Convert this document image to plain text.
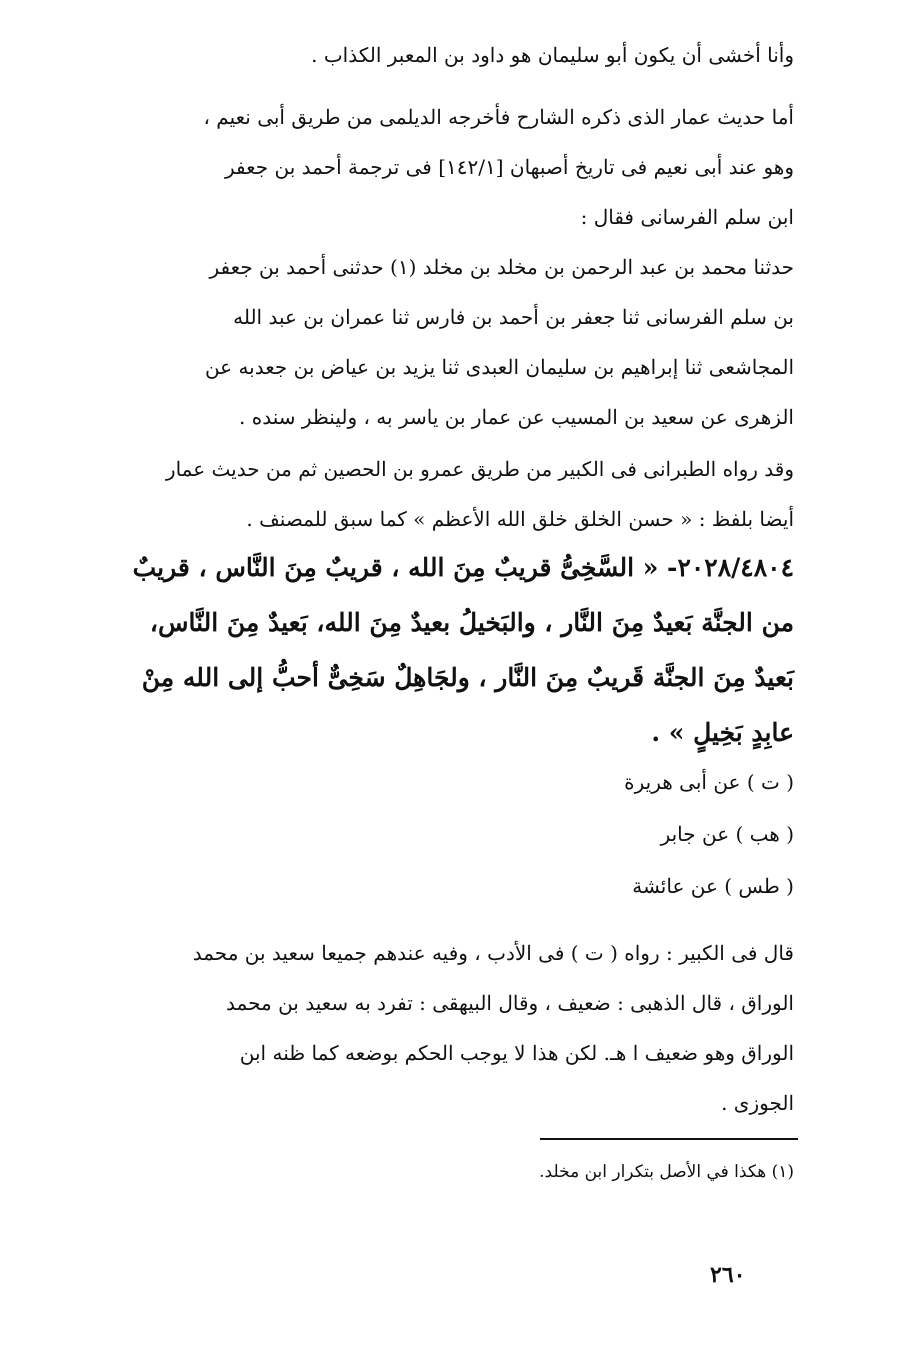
وأنا أخشى أن يكون أبو سليمان هو داود بن المعبر الكذاب .
أما حديث عمار الذى ذكره الشارح فأخرجه الديلمى من طريق أبى نعيم ،
وهو عند أبى نعيم فى تاريخ أصبهان [١٤٢/١] فى ترجمة أحمد بن جعفر
ابن سلم الفرسانى فقال :
حدثنا محمد بن عبد الرحمن بن مخلد بن مخلد (١) حدثنى أحمد بن جعفر
بن سلم الفرسانى ثنا جعفر بن أحمد بن فارس ثنا عمران بن عبد الله
المجاشعى ثنا إبراهيم بن سليمان العبدى ثنا يزيد بن عياض بن جعدبه عن
الزهرى عن سعيد بن المسيب عن عمار بن ياسر به ، ولينظر سنده .
وقد رواه الطبرانى فى الكبير من طريق عمرو بن الحصين ثم من حديث عمار
أيضا بلفظ : « حسن الخلق خلق الله الأعظم » كما سبق للمصنف .
٢٠٢٨/٤٨٠٤- « السَّخِىُّ قريبٌ مِنَ الله ، قريبٌ مِنَ النَّاس ، قريبٌ
من الجنَّة بَعيدٌ مِنَ النَّار ، والبَخيلُ بعيدٌ مِنَ الله، بَعيدٌ مِنَ النَّاس،
بَعيدٌ مِنَ الجنَّة قَريبٌ مِنَ النَّار ، ولجَاهِلٌ سَخِىٌّ أحبُّ إلى الله مِنْ
عابِدٍ بَخِيلٍ » .
( ت ) عن أبى هريرة
( هب ) عن جابر
( طس ) عن عائشة
قال فى الكبير : رواه ( ت ) فى الأدب ، وفيه عندهم جميعا سعيد بن محمد
الوراق ، قال الذهبى : ضعيف ، وقال البيهقى : تفرد به سعيد بن محمد
الوراق وهو ضعيف ا هـ. لكن هذا لا يوجب الحكم بوضعه كما ظنه ابن
الجوزى .
(١) هكذا في الأصل بتكرار ابن مخلد.
٢٦٠
